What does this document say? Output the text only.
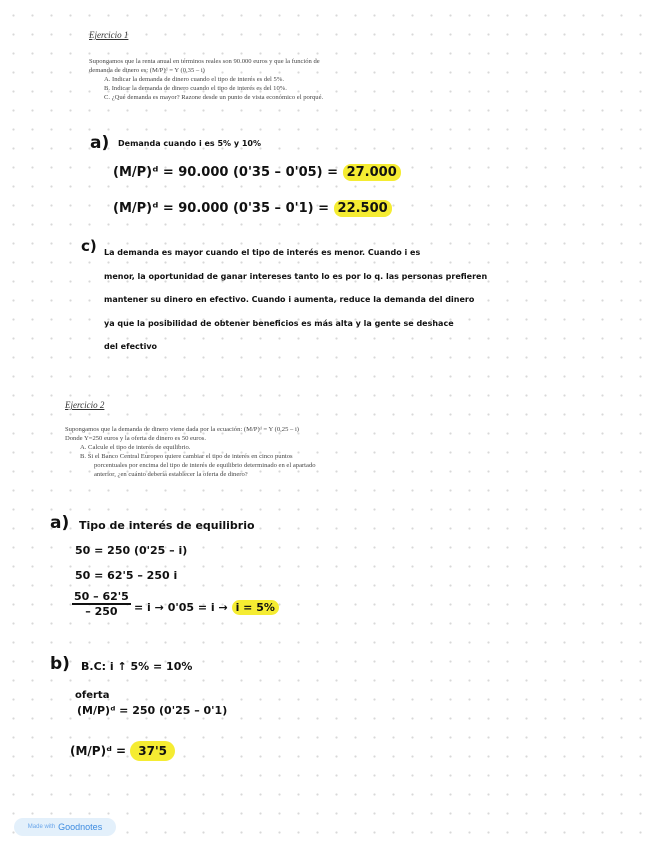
Ejercicio 1
Supongamos que la renta anual en términos reales son 90.000 euros y que la función de
demanda de dinero es: (M/P)ᵈ = Y (0,35 – i)
A. Indicar la demanda de dinero cuando el tipo de interés es del 5%.
B. Indicar la demanda de dinero cuando el tipo de interés es del 10%.
C. ¿Qué demanda es mayor? Razone desde un punto de vista económico el porqué.
a) Demanda cuando i es 5% y 10%
(M/P)ᵈ = 90.000 (0'35 – 0'05) = 27.000
(M/P)ᵈ = 90.000 (0'35 – 0'1) = 22.500
c) La demanda es mayor cuando el tipo de interés es menor. Cuando i es
menor, la oportunidad de ganar intereses tanto lo es por lo q. las personas prefieren
mantener su dinero en efectivo. Cuando i aumenta, reduce la demanda del dinero
ya que la posibilidad de obtener beneficios es más alta y la gente se deshace
del efectivo
Ejercicio 2
Supongamos que la demanda de dinero viene dada por la ecuación: (M/P)ᵈ = Y (0,25 – i)
Donde Y=250 euros y la oferta de dinero es 50 euros.
A. Calcule el tipo de interés de equilibrio.
B. Si el Banco Central Europeo quiere cambiar el tipo de interés en cinco puntos
porcentuales por encima del tipo de interés de equilibrio determinado en el apartado
anterior, ¿en cuánto debería establecer la oferta de dinero?
a) Tipo de interés de equilibrio
50 = 250 (0'25 – i)
50 = 62'5 – 250 i
$\frac{50 - 62'5}{- 250} = i \to 0'05 = i \to i = 5\%$
b) B.C: i ↑ 5% = 10%
oferta
(M/P)ᵈ = 250 (0'25 – 0'1)
(M/P)ᵈ = 37'5
Made with Goodnotes
